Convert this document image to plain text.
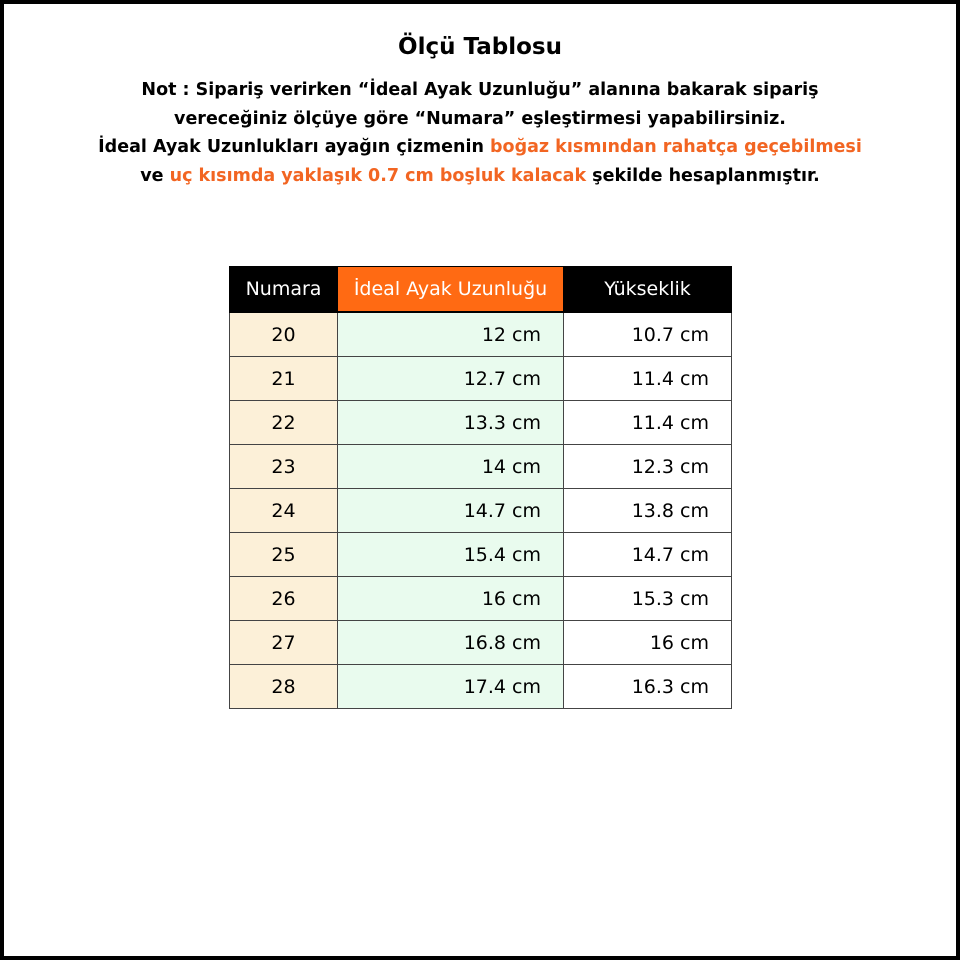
Ölçü Tablosu
Not : Sipariş verirken “İdeal Ayak Uzunluğu” alanına bakarak sipariş
vereceğiniz ölçüye göre “Numara” eşleştirmesi yapabilirsiniz.
İdeal Ayak Uzunlukları ayağın çizmenin boğaz kısmından rahatça geçebilmesi
ve uç kısımda yaklaşık 0.7 cm boşluk kalacak şekilde hesaplanmıştır.
Numara	İdeal Ayak Uzunluğu	Yükseklik
20	12 cm	10.7 cm
21	12.7 cm	11.4 cm
22	13.3 cm	11.4 cm
23	14 cm	12.3 cm
24	14.7 cm	13.8 cm
25	15.4 cm	14.7 cm
26	16 cm	15.3 cm
27	16.8 cm	16 cm
28	17.4 cm	16.3 cm
